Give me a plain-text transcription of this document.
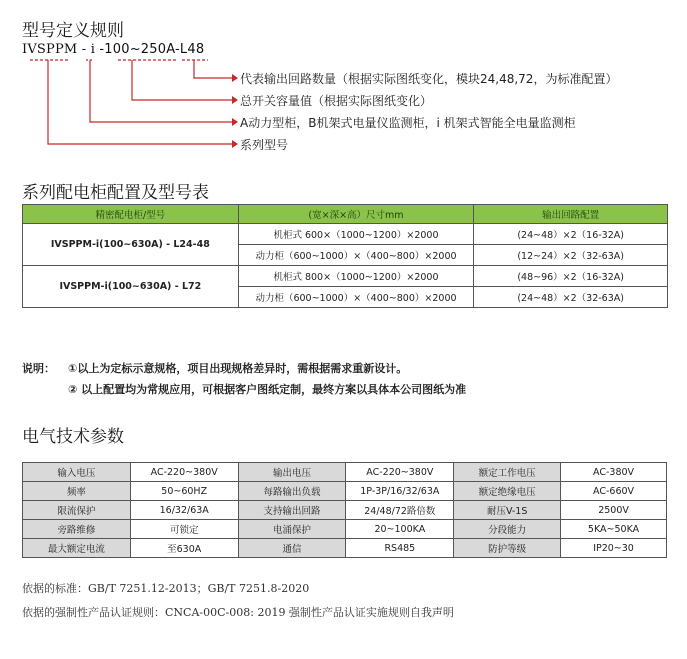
型号定义规则
IVSPPM - i -100~250A-L48
代表输出回路数量（根据实际图纸变化，模块24,48,72，为标准配置）
总开关容量值（根据实际图纸变化）
A动力型柜，B机架式电量仪监测柜，i 机架式智能全电量监测柜
系列型号
系列配电柜配置及型号表
精密配电柜/型号	(宽×深×高）尺寸mm	输出回路配置
IVSPPM-i(100~630A) - L24-48	机柜式 600×（1000~1200）×2000	(24~48）×2（16-32A)
	动力柜（600~1000）×（400~800）×2000	(12~24）×2（32-63A)
IVSPPM-i(100~630A) - L72	机柜式 800×（1000~1200）×2000	(48~96）×2（16-32A)
	动力柜（600~1000）×（400~800）×2000	(24~48）×2（32-63A)
说明： ①以上为定标示意规格，项目出现规格差异时，需根据需求重新设计。
② 以上配置均为常规应用，可根据客户图纸定制，最终方案以具体本公司图纸为准
电气技术参数
输入电压	AC-220~380V	输出电压	AC-220~380V	额定工作电压	AC-380V
频率	50~60HZ	每路输出负载	1P-3P/16/32/63A	额定绝缘电压	AC-660V
限流保护	16/32/63A	支持输出回路	24/48/72路倍数	耐压V-1S	2500V
旁路维修	可锁定	电涌保护	20~100KA	分段能力	5KA~50KA
最大额定电流	至630A	通信	RS485	防护等级	IP20~30
依据的标准：GB/T 7251.12-2013；GB/T 7251.8-2020
依据的强制性产品认证规则：CNCA-00C-008: 2019 强制性产品认证实施规则自我声明
